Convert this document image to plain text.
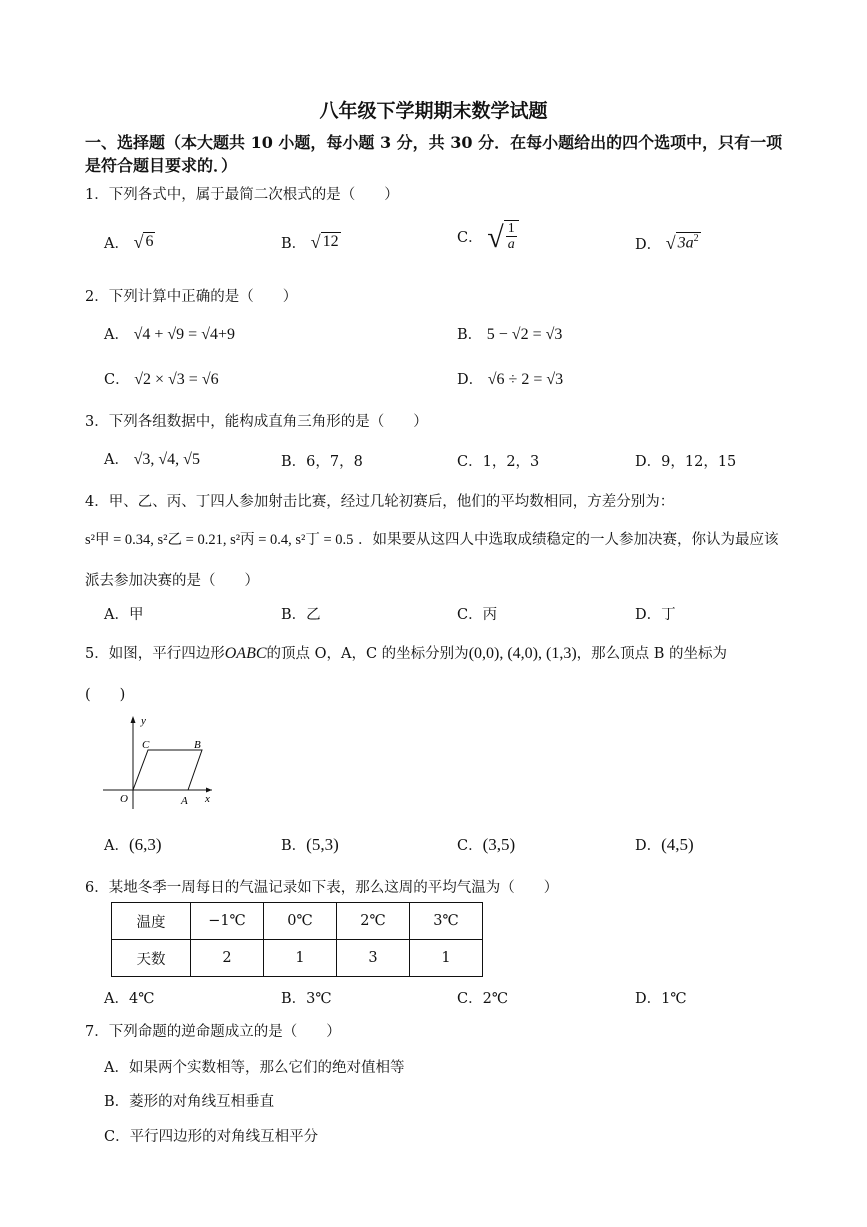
八年级下学期期末数学试题
一、选择题（本大题共 10 小题，每小题 3 分，共 30 分．在每小题给出的四个选项中，只有一项
是符合题目要求的．）
1．下列各式中，属于最简二次根式的是（　　）
A． √ 6	B． √ 12	C． √ $\frac{1}{a}$	D． √ $3a^2$
2．下列计算中正确的是（　　）
A． √4 + √9 = √4+9	B． 5 − √2 = √3
C． √2 × √3 = √6	D． √6 ÷ 2 = √3
3．下列各组数据中，能构成直角三角形的是（　　）
A． √3, √4, √5	B．6，7，8	C．1，2，3	D．9，12，15
4．甲、乙、丙、丁四人参加射击比赛，经过几轮初赛后，他们的平均数相同，方差分别为：
s²甲 = 0.34, s²乙 = 0.21, s²丙 = 0.4, s²丁 = 0.5 ．如果要从这四人中选取成绩稳定的一人参加决赛，你认为最应该
派去参加决赛的是（　　）
A．甲	B．乙	C．丙	D．丁
5．如图，平行四边形OABC的顶点 O，A，C 的坐标分别为(0,0), (4,0), (1,3)，那么顶点 B 的坐标为
(　　)
y
x
O	A
B
C
A．(6,3)	B．(5,3)	C．(3,5)	D．(4,5)
6．某地冬季一周每日的气温记录如下表，那么这周的平均气温为（　　）
温度	−1℃	0℃	2℃	3℃
天数	2	1	3	1
A．4℃	B．3℃	C．2℃	D．1℃
7．下列命题的逆命题成立的是（　　）
A．如果两个实数相等，那么它们的绝对值相等
B．菱形的对角线互相垂直
C．平行四边形的对角线互相平分
